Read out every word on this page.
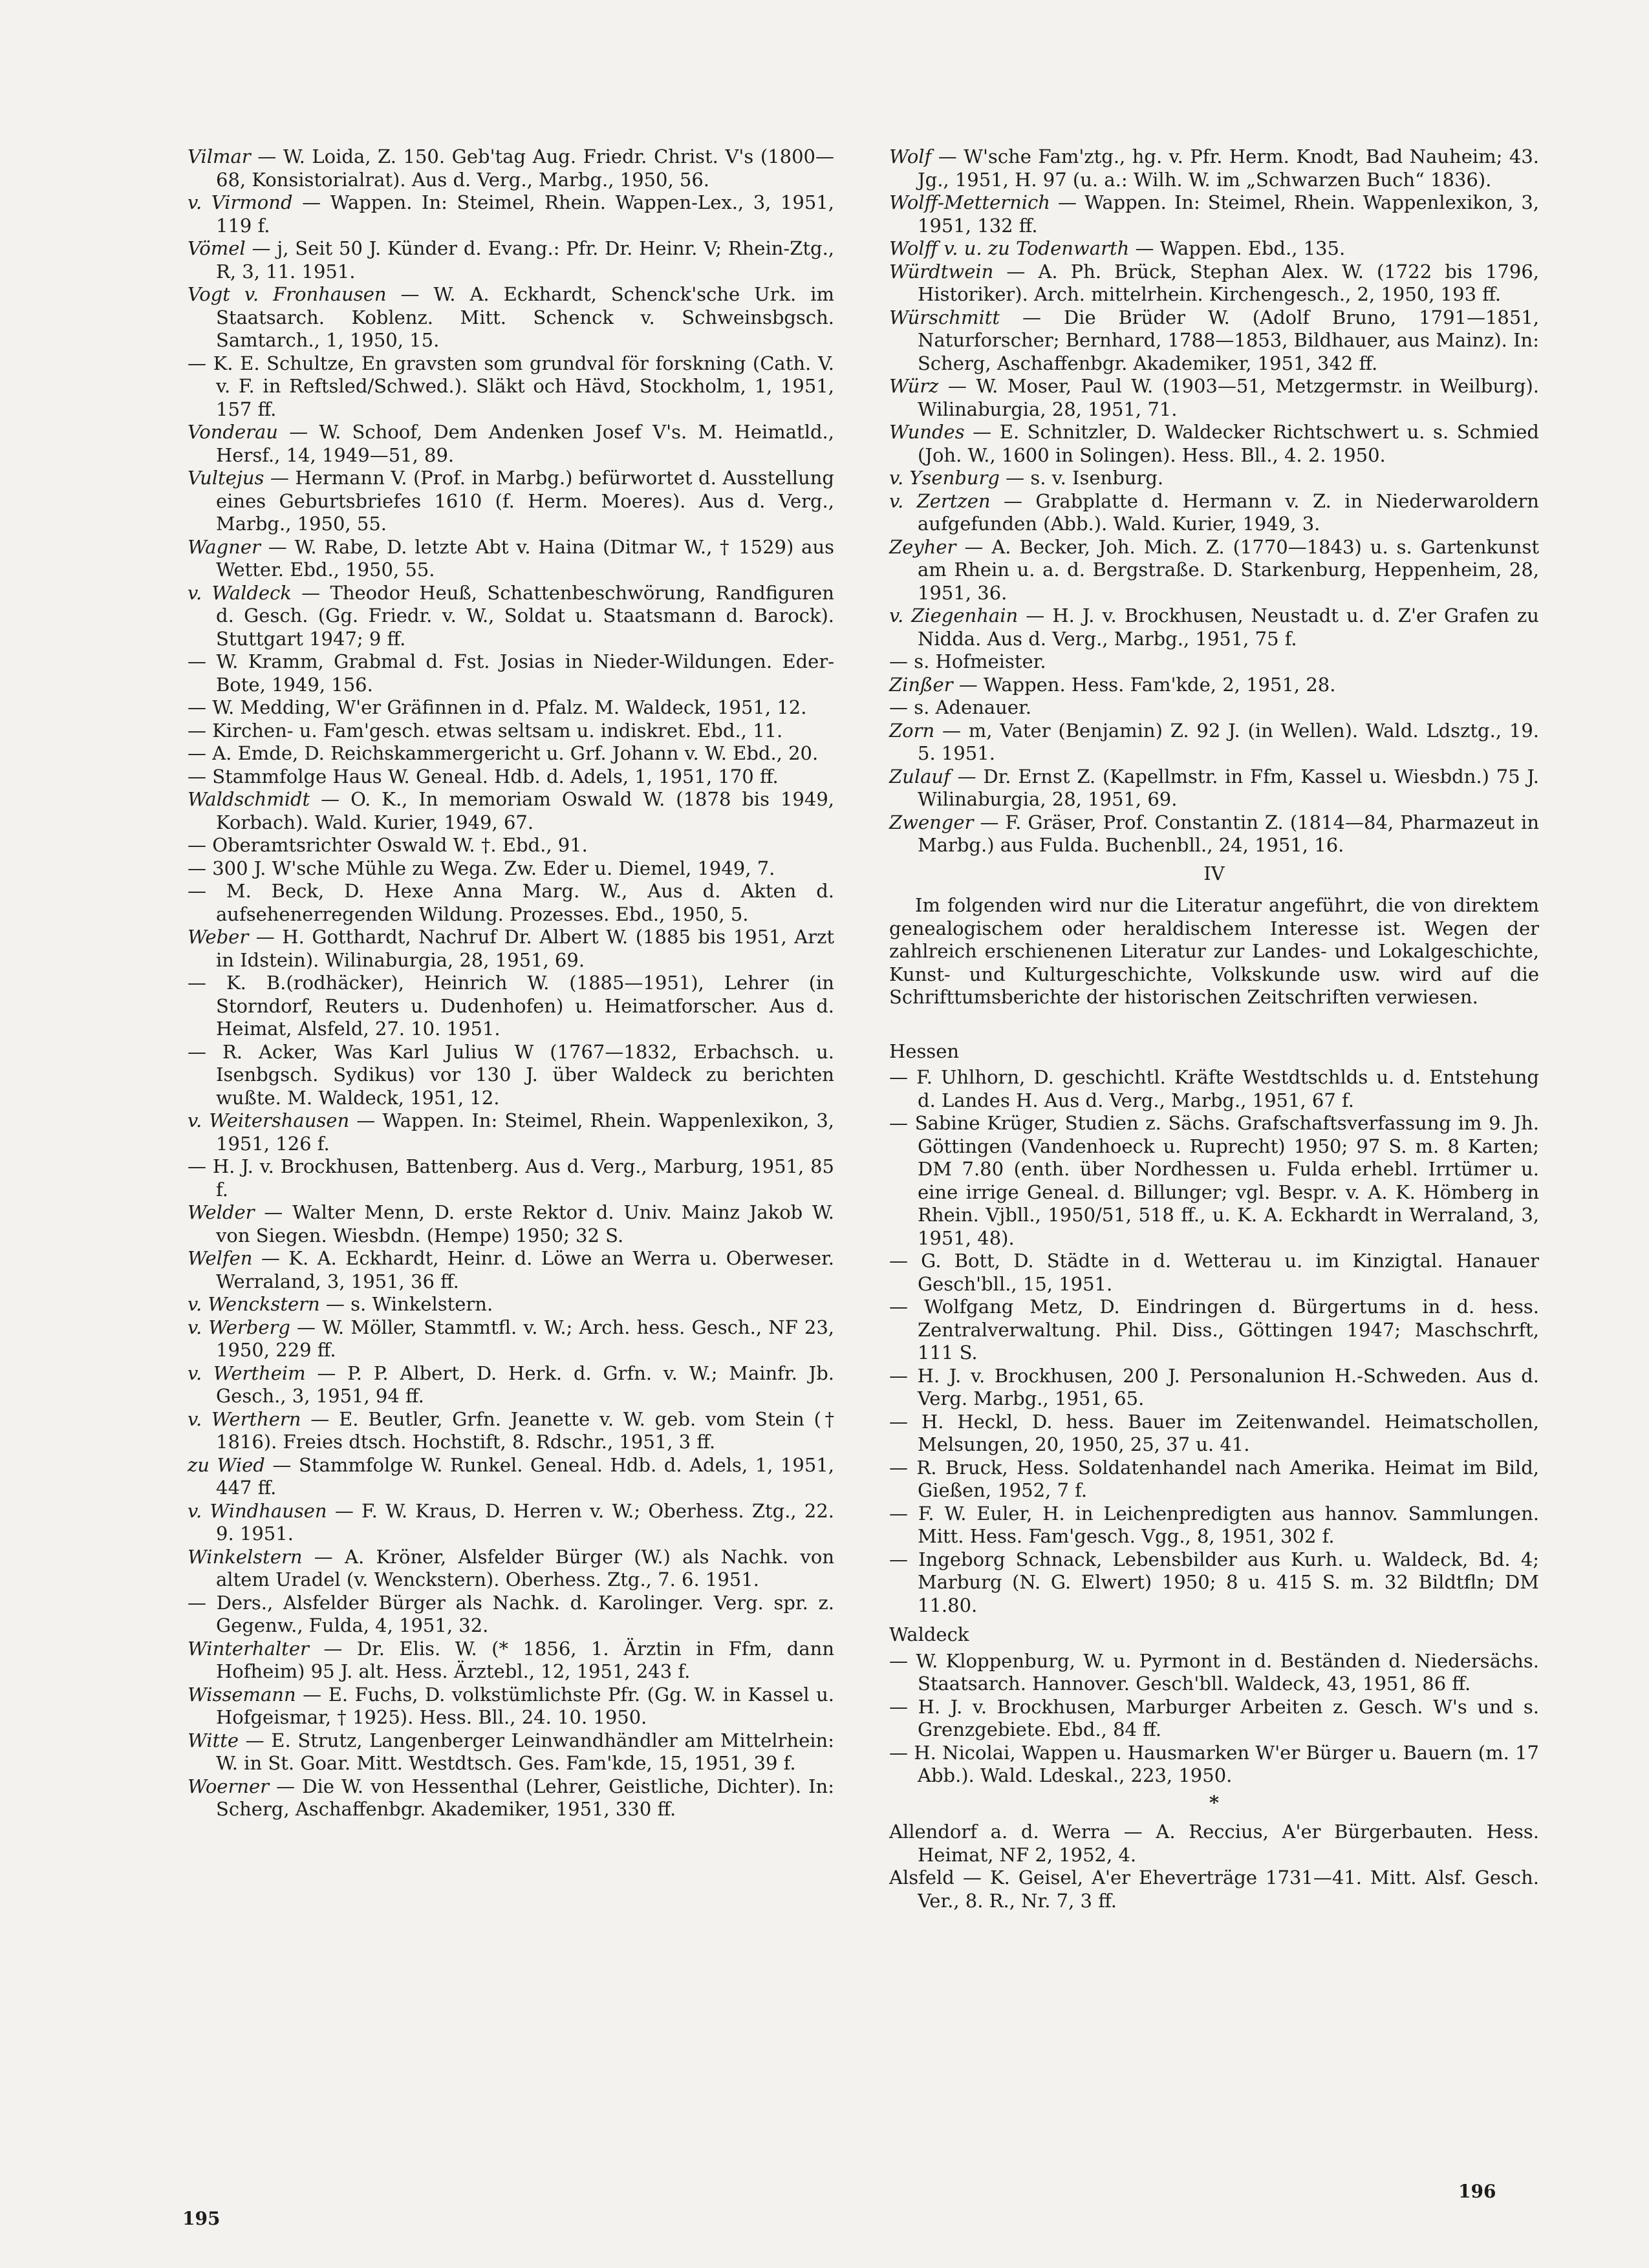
Vilmar — W. Loida, Z. 150. Geb'tag Aug. Friedr. Christ. V's (1800—68, Konsistorialrat). Aus d. Verg., Marbg., 1950, 56.

v. Virmond — Wappen. In: Steimel, Rhein. Wappen-Lex., 3, 1951, 119 f.

Vömel — j, Seit 50 J. Künder d. Evang.: Pfr. Dr. Heinr. V; Rhein-Ztg., R, 3, 11. 1951.

Vogt v. Fronhausen — W. A. Eckhardt, Schenck'sche Urk. im Staatsarch. Koblenz. Mitt. Schenck v. Schweinsbgsch. Samtarch., 1, 1950, 15.

— K. E. Schultze, En gravsten som grundval för forskning (Cath. V. v. F. in Reftsled/Schwed.). Släkt och Hävd, Stockholm, 1, 1951, 157 ff.

Vonderau — W. Schoof, Dem Andenken Josef V's. M. Heimatld., Hersf., 14, 1949—51, 89.

Vultejus — Hermann V. (Prof. in Marbg.) befürwortet d. Ausstellung eines Geburtsbriefes 1610 (f. Herm. Moeres). Aus d. Verg., Marbg., 1950, 55.

Wagner — W. Rabe, D. letzte Abt v. Haina (Ditmar W., † 1529) aus Wetter. Ebd., 1950, 55.

v. Waldeck — Theodor Heuß, Schattenbeschwörung, Randfiguren d. Gesch. (Gg. Friedr. v. W., Soldat u. Staatsmann d. Barock). Stuttgart 1947; 9 ff.

— W. Kramm, Grabmal d. Fst. Josias in Nieder-Wildungen. Eder-Bote, 1949, 156.

— W. Medding, W'er Gräfinnen in d. Pfalz. M. Waldeck, 1951, 12.

— Kirchen- u. Fam'gesch. etwas seltsam u. indiskret. Ebd., 11.

— A. Emde, D. Reichskammergericht u. Grf. Johann v. W. Ebd., 20.

— Stammfolge Haus W. Geneal. Hdb. d. Adels, 1, 1951, 170 ff.

Waldschmidt — O. K., In memoriam Oswald W. (1878 bis 1949, Korbach). Wald. Kurier, 1949, 67.

— Oberamtsrichter Oswald W. †. Ebd., 91.

— 300 J. W'sche Mühle zu Wega. Zw. Eder u. Diemel, 1949, 7.

— M. Beck, D. Hexe Anna Marg. W., Aus d. Akten d. aufsehenerregenden Wildung. Prozesses. Ebd., 1950, 5.

Weber — H. Gotthardt, Nachruf Dr. Albert W. (1885 bis 1951, Arzt in Idstein). Wilinaburgia, 28, 1951, 69.

— K. B.(rodhäcker), Heinrich W. (1885—1951), Lehrer (in Storndorf, Reuters u. Dudenhofen) u. Heimatforscher. Aus d. Heimat, Alsfeld, 27. 10. 1951.

— R. Acker, Was Karl Julius W (1767—1832, Erbachsch. u. Isenbgsch. Sydikus) vor 130 J. über Waldeck zu berichten wußte. M. Waldeck, 1951, 12.

v. Weitershausen — Wappen. In: Steimel, Rhein. Wappenlexikon, 3, 1951, 126 f.

— H. J. v. Brockhusen, Battenberg. Aus d. Verg., Marburg, 1951, 85 f.

Welder — Walter Menn, D. erste Rektor d. Univ. Mainz Jakob W. von Siegen. Wiesbdn. (Hempe) 1950; 32 S.

Welfen — K. A. Eckhardt, Heinr. d. Löwe an Werra u. Oberweser. Werraland, 3, 1951, 36 ff.

v. Wenckstern — s. Winkelstern.

v. Werberg — W. Möller, Stammtfl. v. W.; Arch. hess. Gesch., NF 23, 1950, 229 ff.

v. Wertheim — P. P. Albert, D. Herk. d. Grfn. v. W.; Mainfr. Jb. Gesch., 3, 1951, 94 ff.

v. Werthern — E. Beutler, Grfn. Jeanette v. W. geb. vom Stein († 1816). Freies dtsch. Hochstift, 8. Rdschr., 1951, 3 ff.

zu Wied — Stammfolge W. Runkel. Geneal. Hdb. d. Adels, 1, 1951, 447 ff.

v. Windhausen — F. W. Kraus, D. Herren v. W.; Oberhess. Ztg., 22. 9. 1951.

Winkelstern — A. Kröner, Alsfelder Bürger (W.) als Nachk. von altem Uradel (v. Wenckstern). Oberhess. Ztg., 7. 6. 1951.

— Ders., Alsfelder Bürger als Nachk. d. Karolinger. Verg. spr. z. Gegenw., Fulda, 4, 1951, 32.

Winterhalter — Dr. Elis. W. (* 1856, 1. Ärztin in Ffm, dann Hofheim) 95 J. alt. Hess. Ärztebl., 12, 1951, 243 f.

Wissemann — E. Fuchs, D. volkstümlichste Pfr. (Gg. W. in Kassel u. Hofgeismar, † 1925). Hess. Bll., 24. 10. 1950.

Witte — E. Strutz, Langenberger Leinwandhändler am Mittelrhein: W. in St. Goar. Mitt. Westdtsch. Ges. Fam'kde, 15, 1951, 39 f.

Woerner — Die W. von Hessenthal (Lehrer, Geistliche, Dichter). In: Scherg, Aschaffenbgr. Akademiker, 1951, 330 ff.

Wolf — W'sche Fam'ztg., hg. v. Pfr. Herm. Knodt, Bad Nauheim; 43. Jg., 1951, H. 97 (u. a.: Wilh. W. im „Schwarzen Buch“ 1836).

Wolff-Metternich — Wappen. In: Steimel, Rhein. Wappenlexikon, 3, 1951, 132 ff.

Wolff v. u. zu Todenwarth — Wappen. Ebd., 135.

Würdtwein — A. Ph. Brück, Stephan Alex. W. (1722 bis 1796, Historiker). Arch. mittelrhein. Kirchengesch., 2, 1950, 193 ff.

Würschmitt — Die Brüder W. (Adolf Bruno, 1791—1851, Naturforscher; Bernhard, 1788—1853, Bildhauer, aus Mainz). In: Scherg, Aschaffenbgr. Akademiker, 1951, 342 ff.

Würz — W. Moser, Paul W. (1903—51, Metzgermstr. in Weilburg). Wilinaburgia, 28, 1951, 71.

Wundes — E. Schnitzler, D. Waldecker Richtschwert u. s. Schmied (Joh. W., 1600 in Solingen). Hess. Bll., 4. 2. 1950.

v. Ysenburg — s. v. Isenburg.

v. Zertzen — Grabplatte d. Hermann v. Z. in Niederwaroldern aufgefunden (Abb.). Wald. Kurier, 1949, 3.

Zeyher — A. Becker, Joh. Mich. Z. (1770—1843) u. s. Gartenkunst am Rhein u. a. d. Bergstraße. D. Starkenburg, Heppenheim, 28, 1951, 36.

v. Ziegenhain — H. J. v. Brockhusen, Neustadt u. d. Z'er Grafen zu Nidda. Aus d. Verg., Marbg., 1951, 75 f.

— s. Hofmeister.

Zinßer — Wappen. Hess. Fam'kde, 2, 1951, 28.

— s. Adenauer.

Zorn — m, Vater (Benjamin) Z. 92 J. (in Wellen). Wald. Ldsztg., 19. 5. 1951.

Zulauf — Dr. Ernst Z. (Kapellmstr. in Ffm, Kassel u. Wiesbdn.) 75 J. Wilinaburgia, 28, 1951, 69.

Zwenger — F. Gräser, Prof. Constantin Z. (1814—84, Pharmazeut in Marbg.) aus Fulda. Buchenbll., 24, 1951, 16.

IV

Im folgenden wird nur die Literatur angeführt, die von direktem genealogischem oder heraldischem Interesse ist. Wegen der zahlreich erschienenen Literatur zur Landes- und Lokalgeschichte, Kunst- und Kulturgeschichte, Volkskunde usw. wird auf die Schrifttumsberichte der historischen Zeitschriften verwiesen.

Hessen

— F. Uhlhorn, D. geschichtl. Kräfte Westdtschlds u. d. Entstehung d. Landes H. Aus d. Verg., Marbg., 1951, 67 f.

— Sabine Krüger, Studien z. Sächs. Grafschaftsverfassung im 9. Jh. Göttingen (Vandenhoeck u. Ruprecht) 1950; 97 S. m. 8 Karten; DM 7.80 (enth. über Nordhessen u. Fulda erhebl. Irrtümer u. eine irrige Geneal. d. Billunger; vgl. Bespr. v. A. K. Hömberg in Rhein. Vjbll., 1950/51, 518 ff., u. K. A. Eckhardt in Werraland, 3, 1951, 48).

— G. Bott, D. Städte in d. Wetterau u. im Kinzigtal. Hanauer Gesch'bll., 15, 1951.

— Wolfgang Metz, D. Eindringen d. Bürgertums in d. hess. Zentralverwaltung. Phil. Diss., Göttingen 1947; Maschschrft, 111 S.

— H. J. v. Brockhusen, 200 J. Personalunion H.-Schweden. Aus d. Verg. Marbg., 1951, 65.

— H. Heckl, D. hess. Bauer im Zeitenwandel. Heimatschollen, Melsungen, 20, 1950, 25, 37 u. 41.

— R. Bruck, Hess. Soldatenhandel nach Amerika. Heimat im Bild, Gießen, 1952, 7 f.

— F. W. Euler, H. in Leichenpredigten aus hannov. Sammlungen. Mitt. Hess. Fam'gesch. Vgg., 8, 1951, 302 f.

— Ingeborg Schnack, Lebensbilder aus Kurh. u. Waldeck, Bd. 4; Marburg (N. G. Elwert) 1950; 8 u. 415 S. m. 32 Bildtfln; DM 11.80.

Waldeck

— W. Kloppenburg, W. u. Pyrmont in d. Beständen d. Niedersächs. Staatsarch. Hannover. Gesch'bll. Waldeck, 43, 1951, 86 ff.

— H. J. v. Brockhusen, Marburger Arbeiten z. Gesch. W's und s. Grenzgebiete. Ebd., 84 ff.

— H. Nicolai, Wappen u. Hausmarken W'er Bürger u. Bauern (m. 17 Abb.). Wald. Ldeskal., 223, 1950.

*

Allendorf a. d. Werra — A. Reccius, A'er Bürgerbauten. Hess. Heimat, NF 2, 1952, 4.

Alsfeld — K. Geisel, A'er Eheverträge 1731—41. Mitt. Alsf. Gesch. Ver., 8. R., Nr. 7, 3 ff.

195
196
